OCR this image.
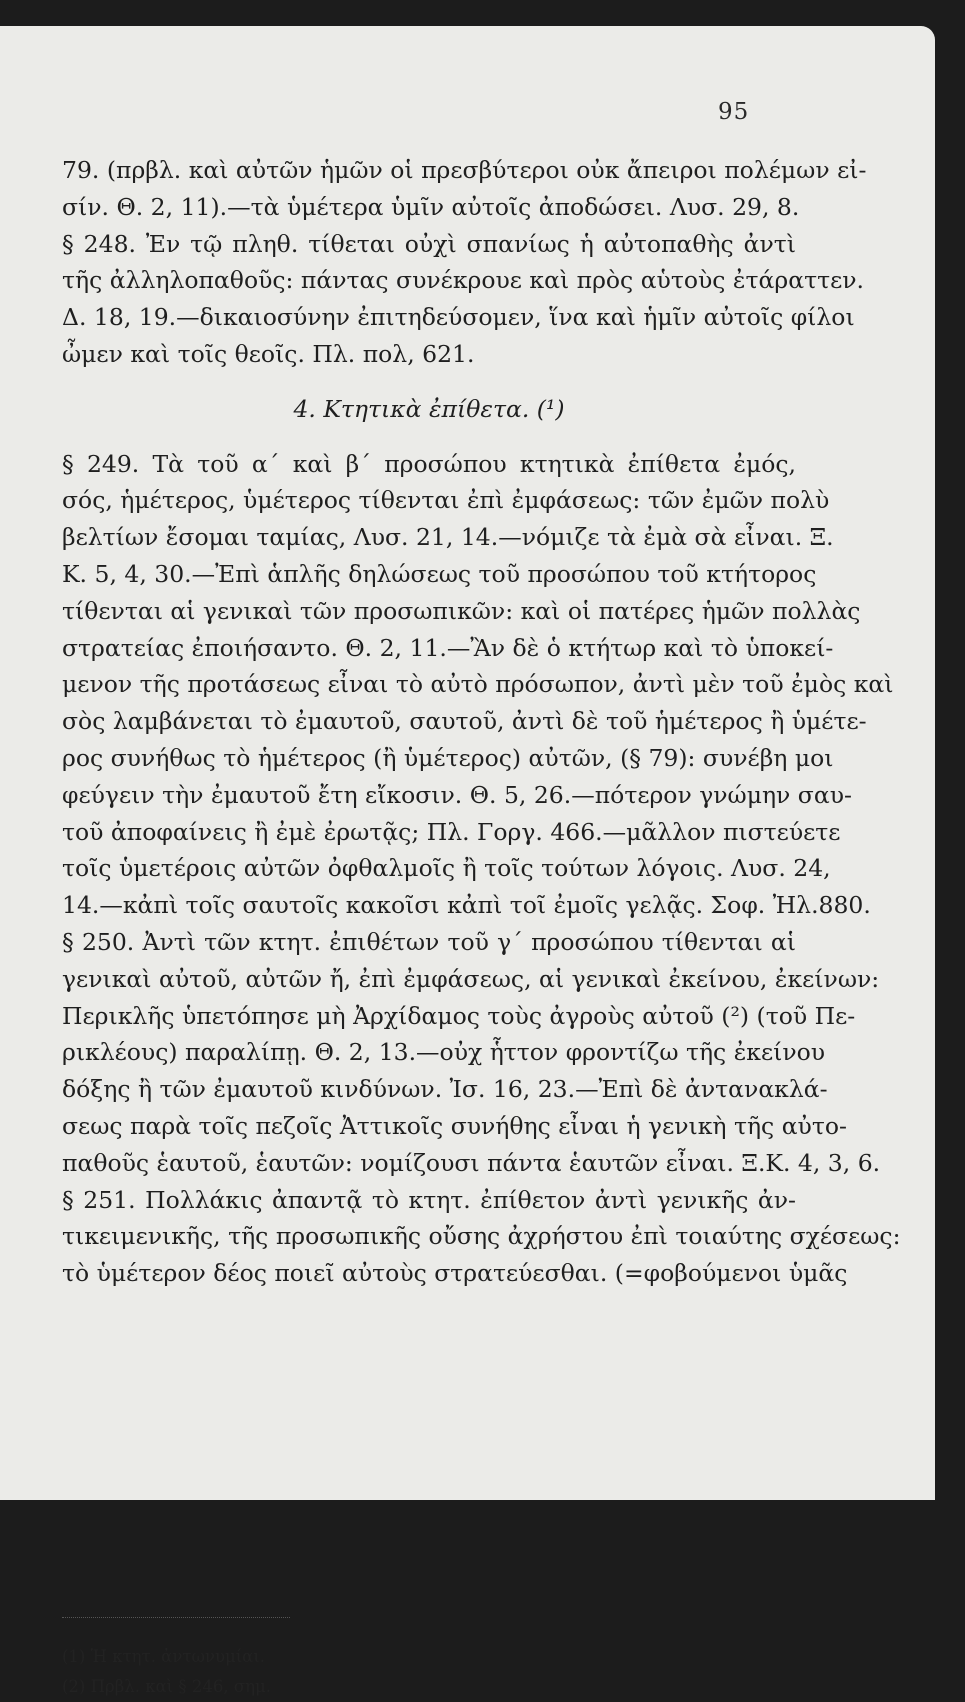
95
79. (πρβλ. καὶ αὐτῶν ἡμῶν οἱ πρεσβύτεροι οὐκ ἄπειροι πολέμων εἰ-
σίν. Θ. 2, 11).—τὰ ὑμέτερα ὑμῖν αὐτοῖς ἀποδώσει. Λυσ. 29, 8.
§ 248. Ἐν τῷ πληθ. τίθεται οὐχὶ σπανίως ἡ αὐτοπαθὴς ἀντὶ
τῆς ἀλληλοπαθοῦς: πάντας συνέκρουε καὶ πρὸς αὑτοὺς ἐτάραττεν.
Δ. 18, 19.—δικαιοσύνην ἐπιτηδεύσομεν, ἵνα καὶ ἡμῖν αὐτοῖς φίλοι
ὦμεν καὶ τοῖς θεοῖς. Πλ. πολ, 621.
4. Κτητικὰ ἐπίθετα. (¹)
§ 249. Τὰ τοῦ α´ καὶ β´ προσώπου κτητικὰ ἐπίθετα ἐμός,
σός, ἡμέτερος, ὑμέτερος τίθενται ἐπὶ ἐμφάσεως: τῶν ἐμῶν πολὺ
βελτίων ἔσομαι ταμίας, Λυσ. 21, 14.—νόμιζε τὰ ἐμὰ σὰ εἶναι. Ξ.
Κ. 5, 4, 30.—Ἐπὶ ἁπλῆς δηλώσεως τοῦ προσώπου τοῦ κτήτορος
τίθενται αἱ γενικαὶ τῶν προσωπικῶν: καὶ οἱ πατέρες ἡμῶν πολλὰς
στρατείας ἐποιήσαντο. Θ. 2, 11.—Ἂν δὲ ὁ κτήτωρ καὶ τὸ ὑποκεί-
μενον τῆς προτάσεως εἶναι τὸ αὐτὸ πρόσωπον, ἀντὶ μὲν τοῦ ἐμὸς καὶ
σὸς λαμβάνεται τὸ ἐμαυτοῦ, σαυτοῦ, ἀντὶ δὲ τοῦ ἡμέτερος ἢ ὑμέτε-
ρος συνήθως τὸ ἡμέτερος (ἢ ὑμέτερος) αὐτῶν, (§ 79): συνέβη μοι
φεύγειν τὴν ἐμαυτοῦ ἔτη εἴκοσιν. Θ. 5, 26.—πότερον γνώμην σαυ-
τοῦ ἀποφαίνεις ἢ ἐμὲ ἐρωτᾷς; Πλ. Γοργ. 466.—μᾶλλον πιστεύετε
τοῖς ὑμετέροις αὐτῶν ὀφθαλμοῖς ἢ τοῖς τούτων λόγοις. Λυσ. 24,
14.—κἀπὶ τοῖς σαυτοῖς κακοῖσι κἀπὶ τοῖ ἐμοῖς γελᾷς. Σοφ. Ἠλ.880.
§ 250. Ἀντὶ τῶν κτητ. ἐπιθέτων τοῦ γ´ προσώπου τίθενται αἱ
γενικαὶ αὐτοῦ, αὐτῶν ἤ, ἐπὶ ἐμφάσεως, αἱ γενικαὶ ἐκείνου, ἐκείνων:
Περικλῆς ὑπετόπησε μὴ Ἀρχίδαμος τοὺς ἀγροὺς αὐτοῦ (²) (τοῦ Πε-
ρικλέους) παραλίπῃ. Θ. 2, 13.—οὐχ ἧττον φροντίζω τῆς ἐκείνου
δόξης ἢ τῶν ἐμαυτοῦ κινδύνων. Ἰσ. 16, 23.—Ἐπὶ δὲ ἀντανακλά-
σεως παρὰ τοῖς πεζοῖς Ἀττικοῖς συνήθης εἶναι ἡ γενικὴ τῆς αὐτο-
παθοῦς ἑαυτοῦ, ἑαυτῶν: νομίζουσι πάντα ἑαυτῶν εἶναι. Ξ.Κ. 4, 3, 6.
§ 251. Πολλάκις ἀπαντᾷ τὸ κτητ. ἐπίθετον ἀντὶ γενικῆς ἀν-
τικειμενικῆς, τῆς προσωπικῆς οὔσης ἀχρήστου ἐπὶ τοιαύτης σχέσεως:
τὸ ὑμέτερον δέος ποιεῖ αὐτοὺς στρατεύεσθαι. (=φοβούμενοι ὑμᾶς
(1) Ἡ κτητ. ἀντωνυμίαι.
(2) Πρβλ. καὶ § 246, σημ.
